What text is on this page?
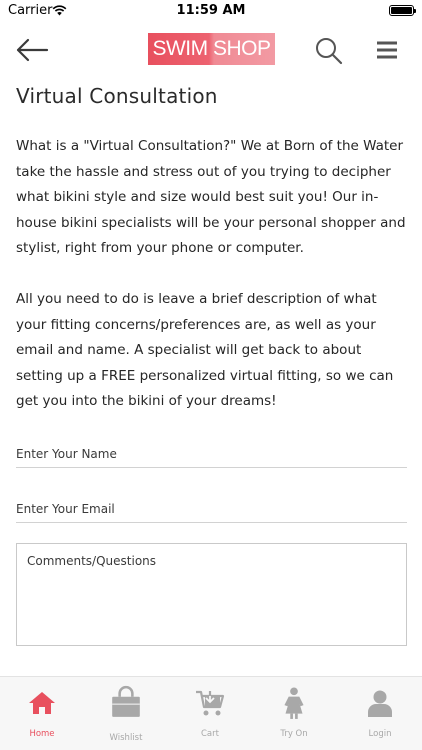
Carrier	11:59 AM
SWIM SHOP
Virtual Consultation

What is a "Virtual Consultation?" We at Born of the Water take the hassle and stress out of you trying to decipher what bikini style and size would best suit you! Our in-house bikini specialists will be your personal shopper and stylist, right from your phone or computer.

All you need to do is leave a brief description of what your fitting concerns/preferences are, as well as your email and name. A specialist will get back to about setting up a FREE personalized virtual fitting, so we can get you into the bikini of your dreams!

Enter Your Name
Enter Your Email
Comments/Questions
Home	Wishlist	Cart	Try On	Login
